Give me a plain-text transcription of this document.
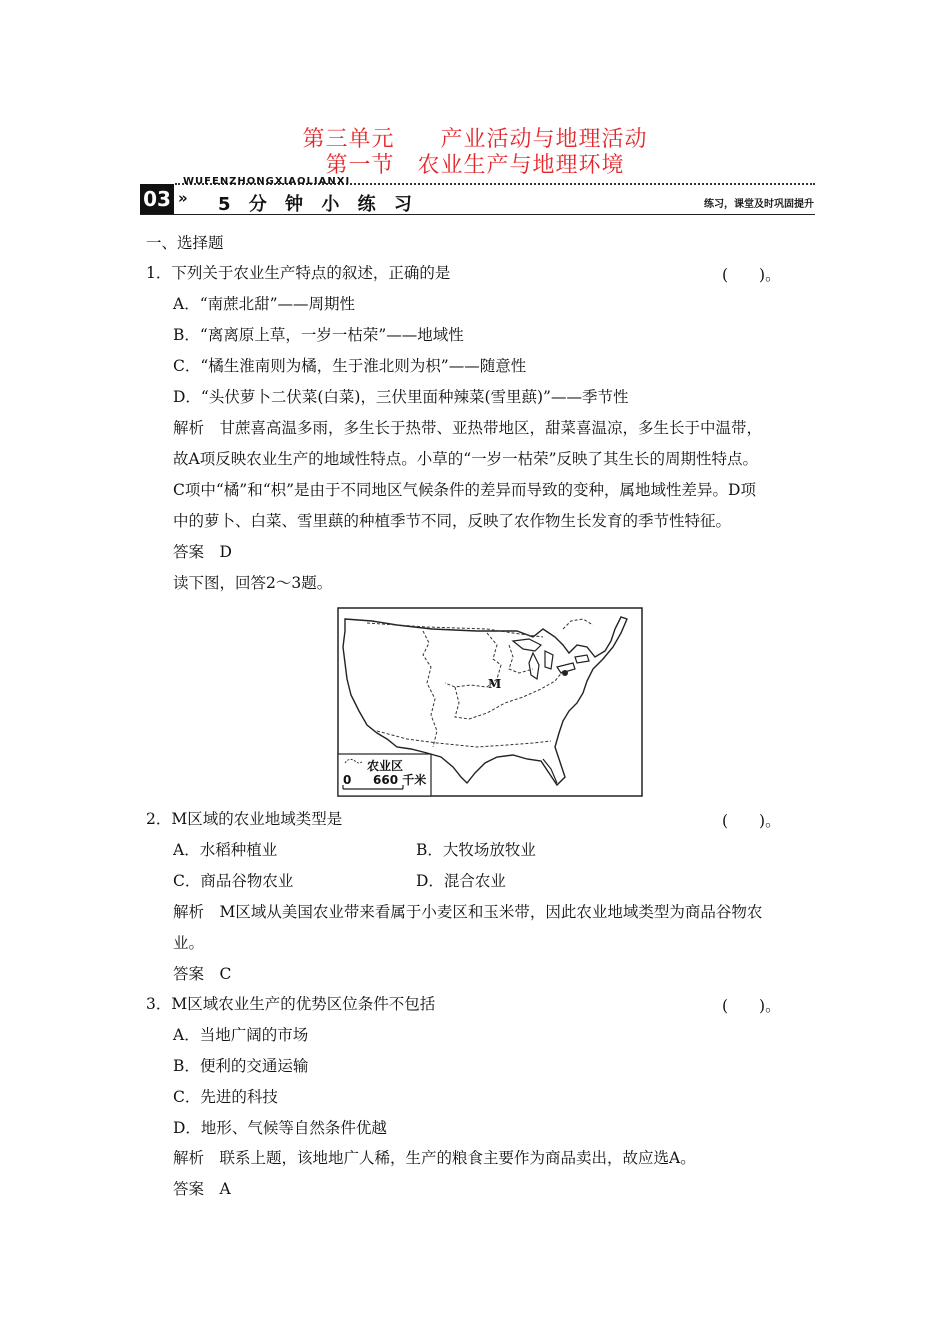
第三单元　　产业活动与地理活动
第一节　农业生产与地理环境
WUFENZHONGXIAOLIANXI
03 » 5 分 钟 小 练 习	练习，课堂及时巩固提升
一、选择题
1．下列关于农业生产特点的叙述，正确的是	(　　)。
A．“南蔗北甜”——周期性
B．“离离原上草，一岁一枯荣”——地域性
C．“橘生淮南则为橘，生于淮北则为枳”——随意性
D．“头伏萝卜二伏菜(白菜)，三伏里面种辣菜(雪里蕻)”——季节性
解析　甘蔗喜高温多雨，多生长于热带、亚热带地区，甜菜喜温凉，多生长于中温带，
故A项反映农业生产的地域性特点。小草的“一岁一枯荣”反映了其生长的周期性特点。
C项中“橘”和“枳”是由于不同地区气候条件的差异而导致的变种，属地域性差异。D项
中的萝卜、白菜、雪里蕻的种植季节不同，反映了农作物生长发育的季节性特征。
答案　D
读下图，回答2～3题。
M
农业区
0 660 千米
2．M区域的农业地域类型是	(　　)。
A．水稻种植业	B．大牧场放牧业
C．商品谷物农业	D．混合农业
解析　M区域从美国农业带来看属于小麦区和玉米带，因此农业地域类型为商品谷物农
业。
答案　C
3．M区域农业生产的优势区位条件不包括	(　　)。
A．当地广阔的市场
B．便利的交通运输
C．先进的科技
D．地形、气候等自然条件优越
解析　联系上题，该地地广人稀，生产的粮食主要作为商品卖出，故应选A。
答案　A
